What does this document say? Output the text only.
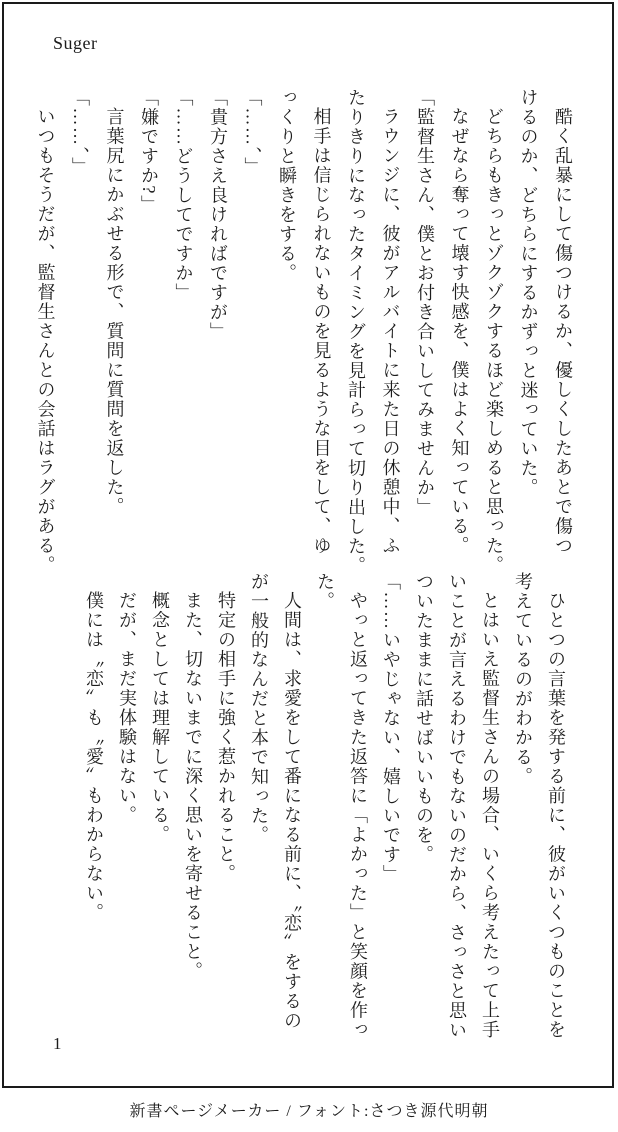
Suger

酷く乱暴にして傷つけるか、優しくしたあとで傷つ

けるのか、どちらにするかずっと迷っていた。

どちらもきっとゾクゾクするほど楽しめると思った。

なぜなら奪って壊す快感を、僕はよく知っている。

「監督生さん、僕とお付き合いしてみませんか」

ラウンジに、彼がアルバイトに来た日の休憩中、ふ

たりきりになったタイミングを見計らって切り出した。

相手は信じられないものを見るような目をして、ゆ

っくりと瞬きをする。

「……、」

「貴方さえ良ければですが」

「……どうしてですか」

「嫌ですか?」

言葉尻にかぶせる形で、質問に質問を返した。

「……、」

いつもそうだが、監督生さんとの会話はラグがある。

ひとつの言葉を発する前に、彼がいくつものことを

考えているのがわかる。

とはいえ監督生さんの場合、いくら考えたって上手

いことが言えるわけでもないのだから、さっさと思い

ついたままに話せばいいものを。

「……いやじゃない、嬉しいです」

やっと返ってきた返答に「よかった」と笑顔を作っ

た。

人間は、求愛をして番になる前に、〝恋〟をするの

が一般的なんだと本で知った。

特定の相手に強く惹かれること。

また、切ないまでに深く思いを寄せること。

概念としては理解している。

だが、まだ実体験はない。

僕には〝恋〟も〝愛〟もわからない。

1
新書ページメーカー / フォント:さつき源代明朝
